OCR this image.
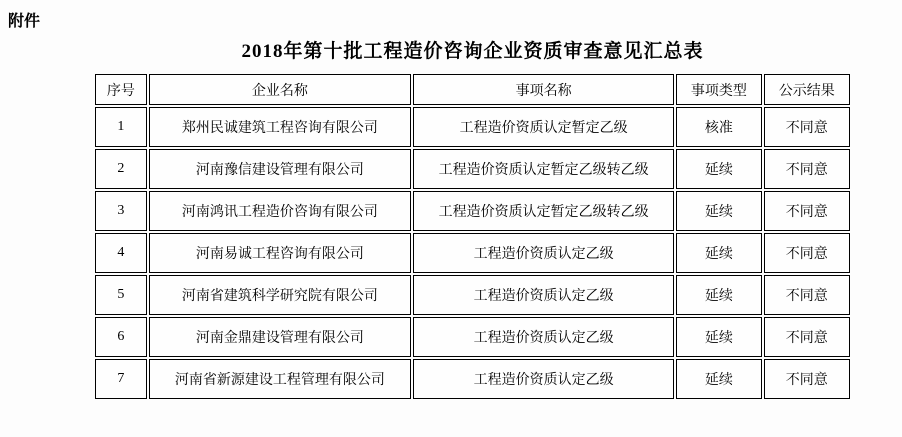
附件
2018年第十批工程造价咨询企业资质审查意见汇总表
序号	企业名称	事项名称	事项类型	公示结果
1	郑州民诚建筑工程咨询有限公司	工程造价资质认定暂定乙级	核准	不同意
2	河南豫信建设管理有限公司	工程造价资质认定暂定乙级转乙级	延续	不同意
3	河南鸿讯工程造价咨询有限公司	工程造价资质认定暂定乙级转乙级	延续	不同意
4	河南易诚工程咨询有限公司	工程造价资质认定乙级	延续	不同意
5	河南省建筑科学研究院有限公司	工程造价资质认定乙级	延续	不同意
6	河南金鼎建设管理有限公司	工程造价资质认定乙级	延续	不同意
7	河南省新源建设工程管理有限公司	工程造价资质认定乙级	延续	不同意
